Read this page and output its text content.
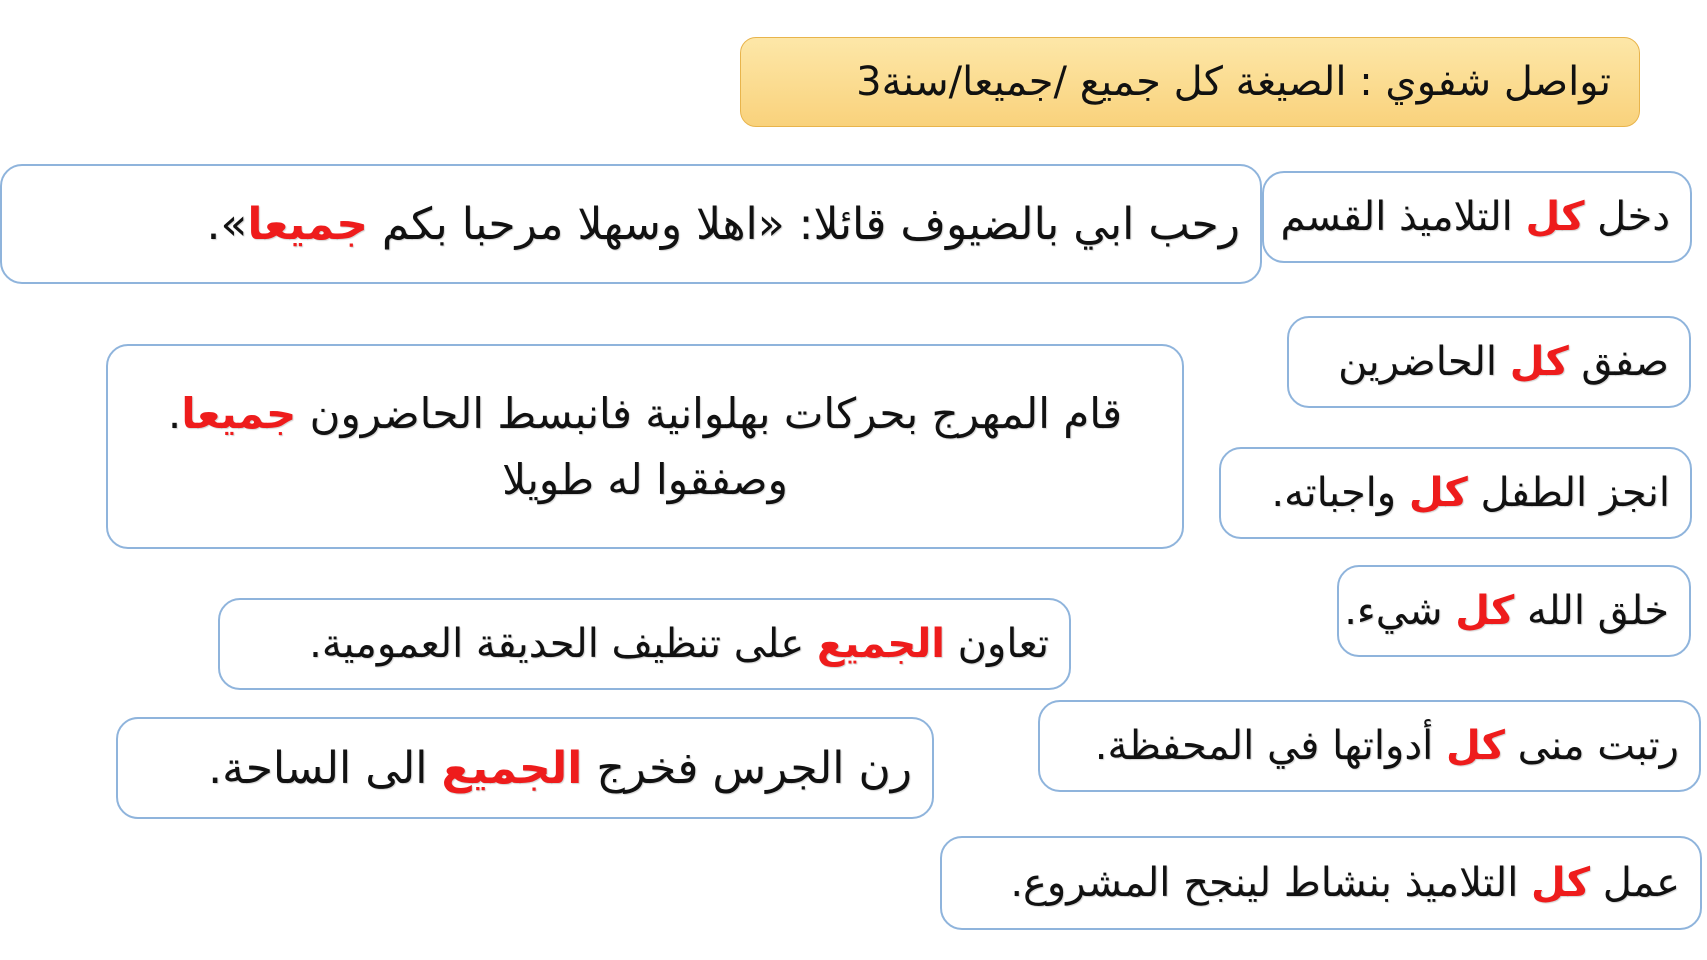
تواصل شفوي : الصيغة كل جميع /جميعا/سنة3
دخل كل التلاميذ القسم
رحب ابي بالضيوف قائلا: «اهلا وسهلا مرحبا بكم جميعا».
صفق كل الحاضرين
قام المهرج بحركات بهلوانية فانبسط الحاضرون جميعا.
وصفقوا له طويلا	انجز الطفل كل واجباته.
خلق الله كل شيء.
تعاون الجميع على تنظيف الحديقة العمومية.
رتبت منى كل أدواتها في المحفظة.
رن الجرس فخرج الجميع الى الساحة.
عمل كل التلاميذ بنشاط لينجح المشروع.
